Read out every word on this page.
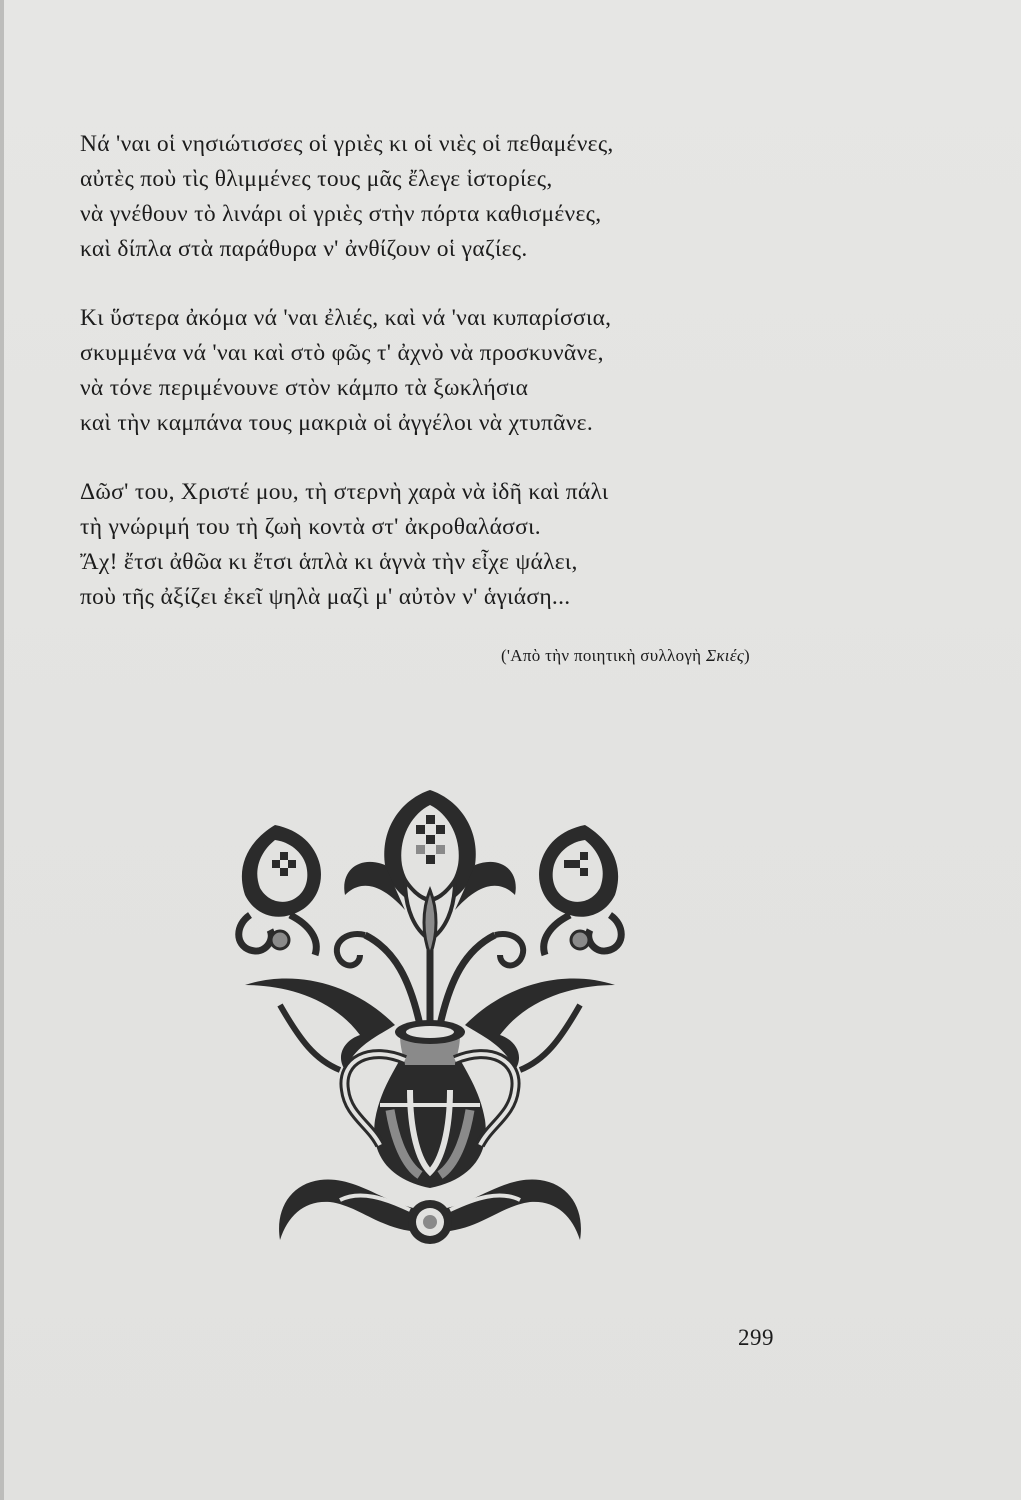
Νά 'ναι οἱ νησιώτισσες οἱ γριὲς κι οἱ νιὲς οἱ πεθαμένες,
αὐτὲς ποὺ τὶς θλιμμένες τους μᾶς ἔλεγε ἱστορίες,
νὰ γνέθουν τὸ λινάρι οἱ γριὲς στὴν πόρτα καθισμένες,
καὶ δίπλα στὰ παράθυρα ν' ἀνθίζουν οἱ γαζίες.
Κι ὕστερα ἀκόμα νά 'ναι ἐλιές, καὶ νά 'ναι κυπαρίσσια,
σκυμμένα νά 'ναι καὶ στὸ φῶς τ' ἀχνὸ νὰ προσκυνᾶνε,
νὰ τόνε περιμένουνε στὸν κάμπο τὰ ξωκλήσια
καὶ τὴν καμπάνα τους μακριὰ οἱ ἀγγέλοι νὰ χτυπᾶνε.
Δῶσ' του, Χριστέ μου, τὴ στερνὴ χαρὰ νὰ ἰδῆ καὶ πάλι
τὴ γνώριμή του τὴ ζωὴ κοντὰ στ' ἀκροθαλάσσι.
Ἄχ! ἔτσι ἀθῶα κι ἔτσι ἁπλὰ κι ἁγνὰ τὴν εἶχε ψάλει,
ποὺ τῆς ἀξίζει ἐκεῖ ψηλὰ μαζὶ μ' αὐτὸν ν' ἁγιάση...
('Απὸ τὴν ποιητικὴ συλλογὴ Σκιές)
299
